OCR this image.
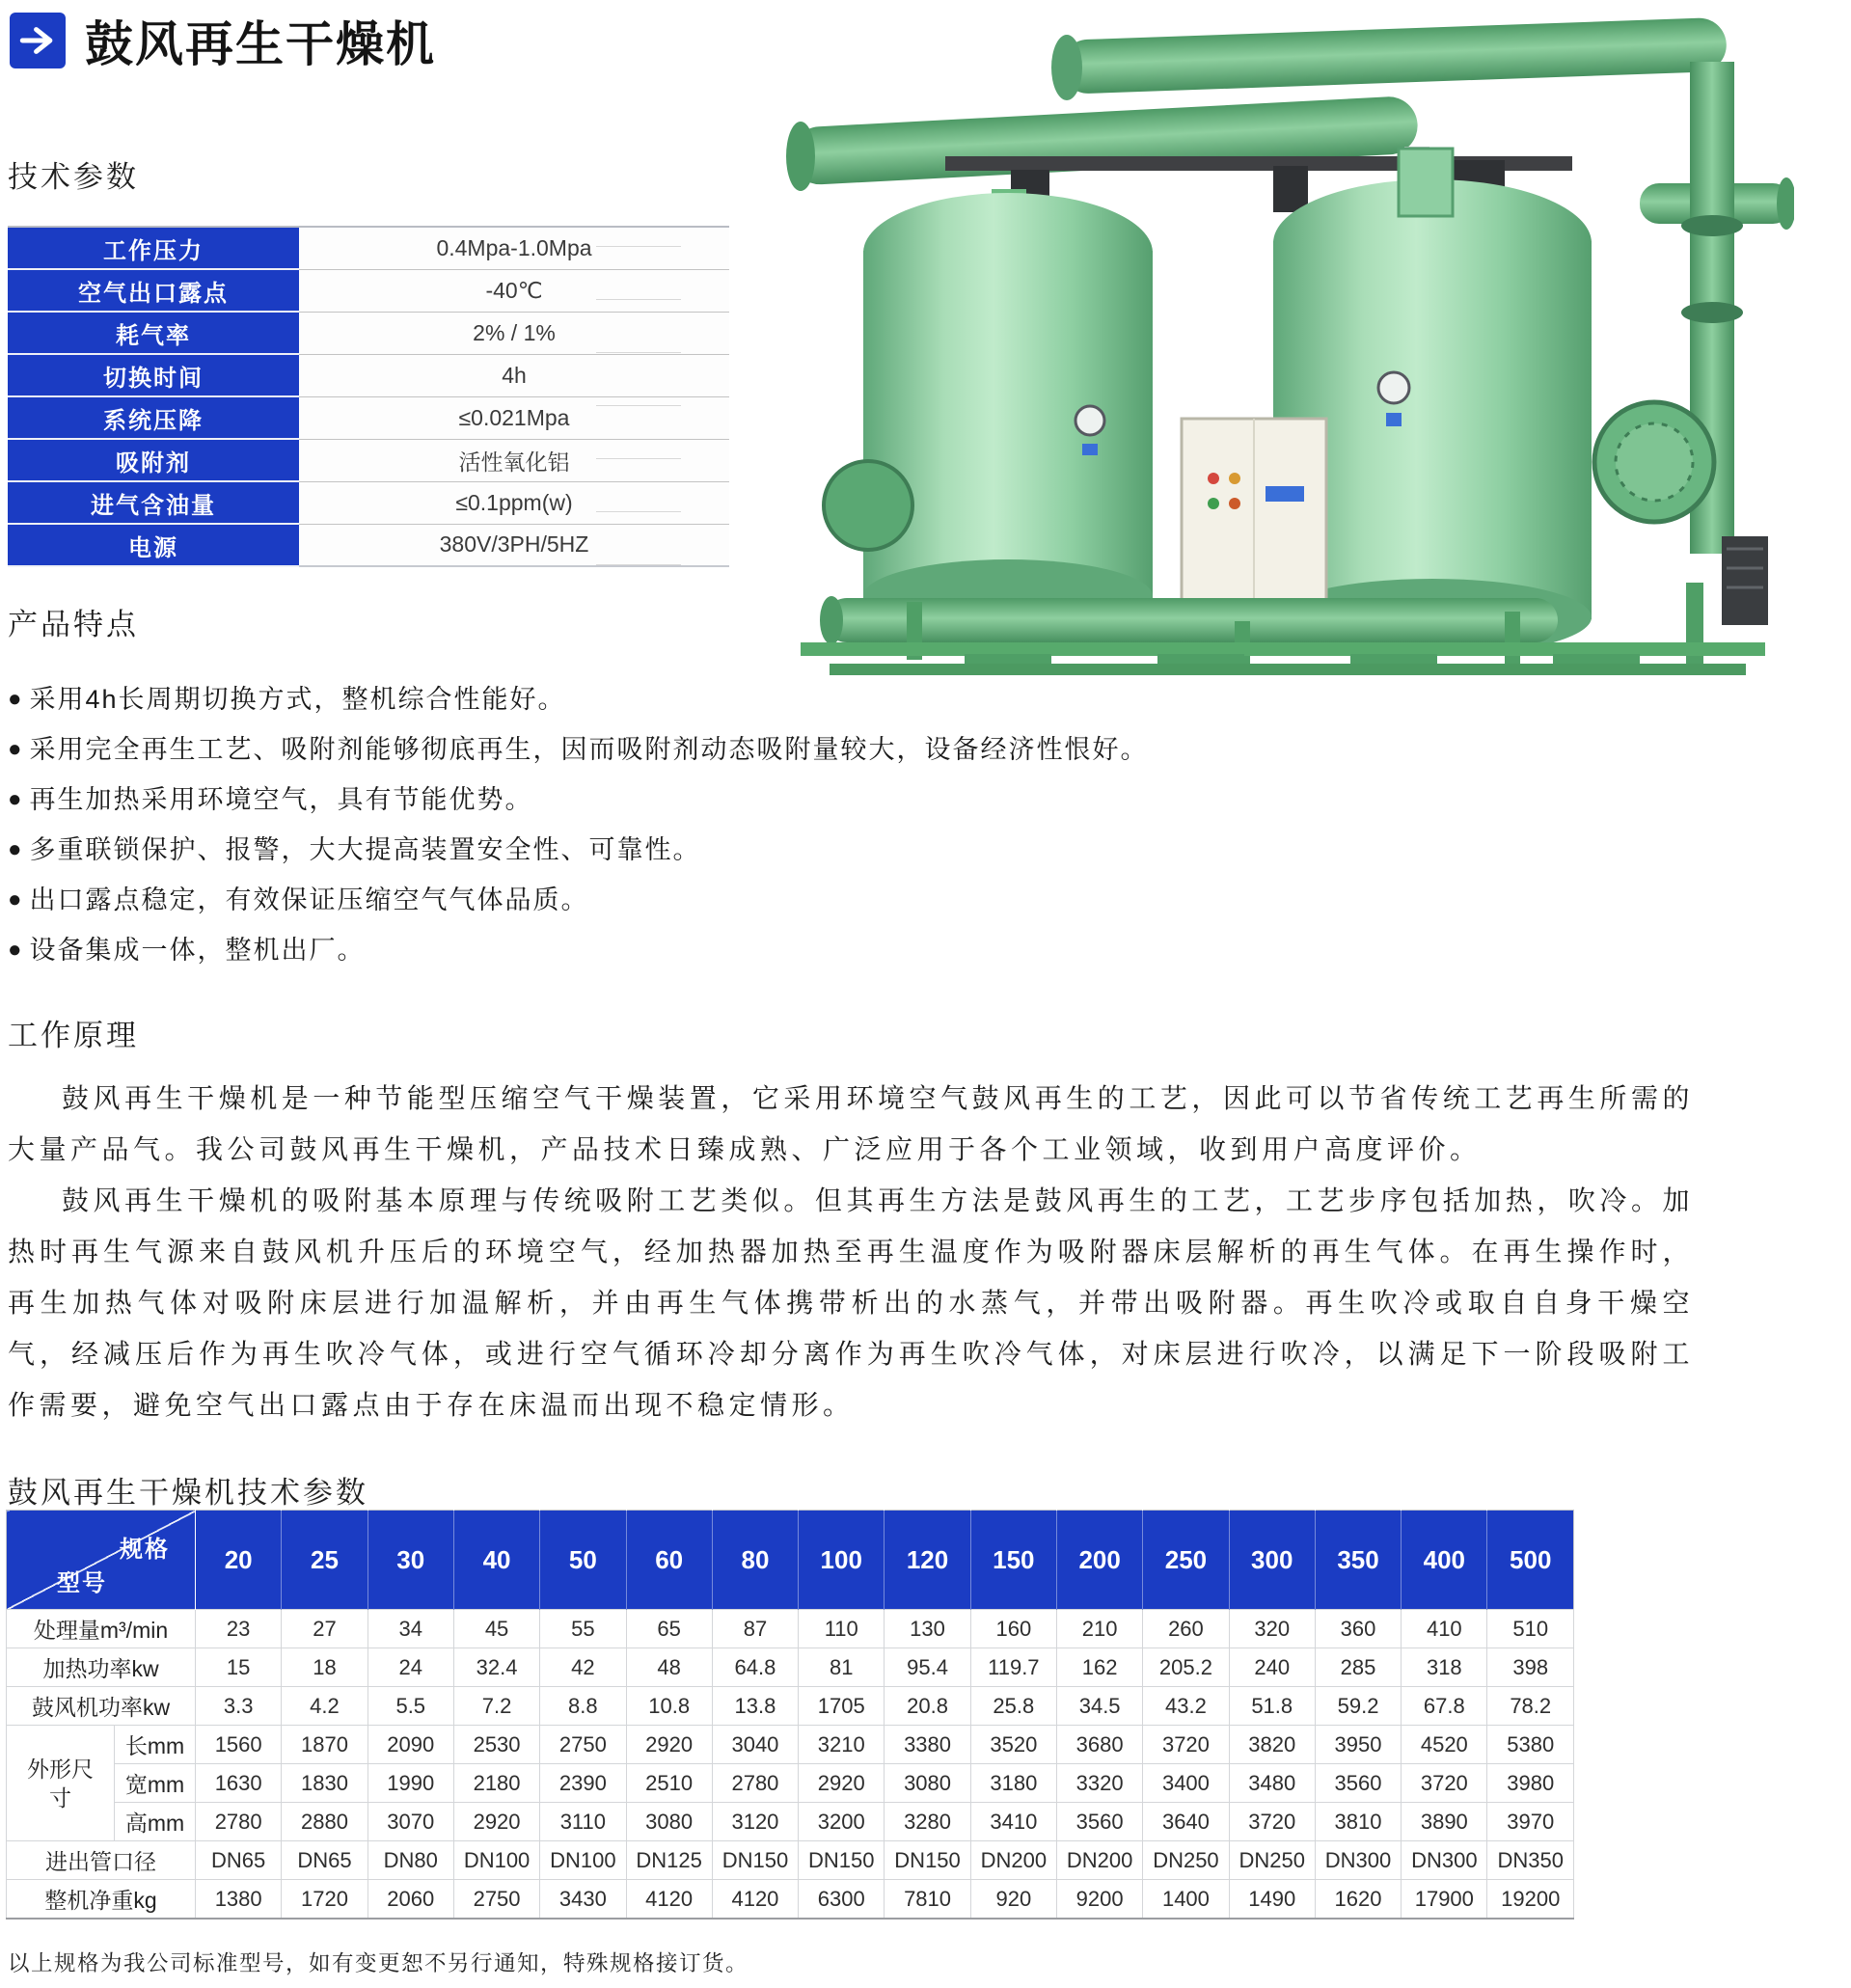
鼓风再生干燥机
技术参数
工作压力	0.4Mpa-1.0Mpa
空气出口露点	-40℃
耗气率	2% / 1%
切换时间	4h
系统压降	≤0.021Mpa
吸附剂	活性氧化铝
进气含油量	≤0.1ppm(w)
电源	380V/3PH/5HZ
产品特点
● 采用4h长周期切换方式，整机综合性能好。
● 采用完全再生工艺、吸附剂能够彻底再生，因而吸附剂动态吸附量较大，设备经济性恨好。
● 再生加热采用环境空气，具有节能优势。
● 多重联锁保护、报警，大大提高装置安全性、可靠性。
● 出口露点稳定，有效保证压缩空气气体品质。
● 设备集成一体，整机出厂。
工作原理

鼓风再生干燥机是一种节能型压缩空气干燥装置，它采用环境空气鼓风再生的工艺，因此可以节省传统工艺再生所需的大量产品气。我公司鼓风再生干燥机，产品技术日臻成熟、广泛应用于各个工业领域，收到用户高度评价。

鼓风再生干燥机的吸附基本原理与传统吸附工艺类似。但其再生方法是鼓风再生的工艺，工艺步序包括加热，吹冷。加热时再生气源来自鼓风机升压后的环境空气，经加热器加热至再生温度作为吸附器床层解析的再生气体。在再生操作时，再生加热气体对吸附床层进行加温解析，并由再生气体携带析出的水蒸气，并带出吸附器。再生吹冷或取自自身干燥空气，经减压后作为再生吹冷气体，或进行空气循环冷却分离作为再生吹冷气体，对床层进行吹冷，以满足下一阶段吸附工作需要，避免空气出口露点由于存在床温而出现不稳定情形。

鼓风再生干燥机技术参数
规格
型号		20	25	30	40	50	60	80	100	120	150	200	250	300	350	400	500
处理量m³/min		23	27	34	45	55	65	87	110	130	160	210	260	320	360	410	510
加热功率kw		15	18	24	32.4	42	48	64.8	81	95.4	119.7	162	205.2	240	285	318	398
鼓风机功率kw		3.3	4.2	5.5	7.2	8.8	10.8	13.8	1705	20.8	25.8	34.5	43.2	51.8	59.2	67.8	78.2
外形尺寸	长mm	1560	1870	2090	2530	2750	2920	3040	3210	3380	3520	3680	3720	3820	3950	4520	5380
	宽mm	1630	1830	1990	2180	2390	2510	2780	2920	3080	3180	3320	3400	3480	3560	3720	3980
	高mm	2780	2880	3070	2920	3110	3080	3120	3200	3280	3410	3560	3640	3720	3810	3890	3970
进出管口径		DN65	DN65	DN80	DN100	DN100	DN125	DN150	DN150	DN150	DN200	DN200	DN250	DN250	DN300	DN300	DN350
整机净重kg		1380	1720	2060	2750	3430	4120	4120	6300	7810	920	9200	1400	1490	1620	17900	19200
以上规格为我公司标准型号，如有变更恕不另行通知，特殊规格接订货。
